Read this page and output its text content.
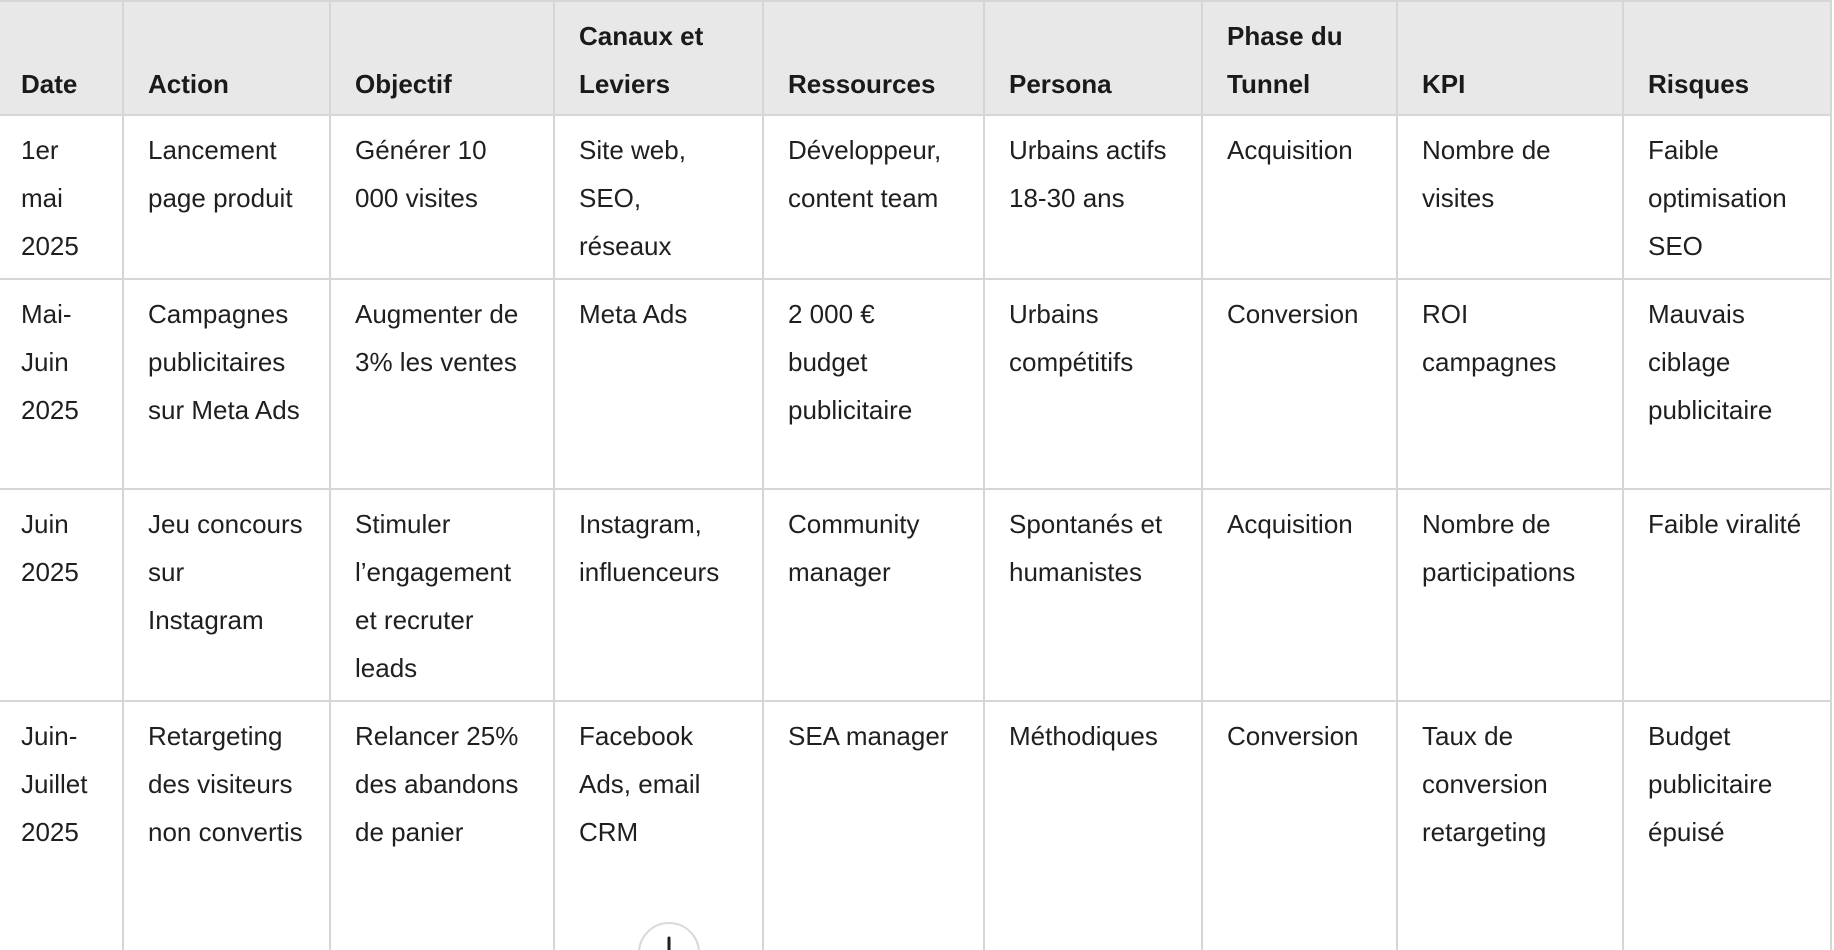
Date	Action	Objectif	Canaux et Leviers	Ressources	Persona	Phase du Tunnel	KPI	Risques
1er mai 2025	Lancement page produit	Générer 10 000 visites	Site web, SEO, réseaux	Développeur, content team	Urbains actifs 18-30 ans	Acquisition	Nombre de visites	Faible optimisation SEO
Mai-Juin 2025	Campagnes publicitaires sur Meta Ads	Augmenter de 3% les ventes	Meta Ads	2 000 € budget publicitaire	Urbains compétitifs	Conversion	ROI campagnes	Mauvais ciblage publicitaire
Juin 2025	Jeu concours sur Instagram	Stimuler l’engagement et recruter leads	Instagram, influenceurs	Community manager	Spontanés et humanistes	Acquisition	Nombre de participations	Faible viralité
Juin-Juillet 2025	Retargeting des visiteurs non convertis	Relancer 25% des abandons de panier	Facebook Ads, email CRM	SEA manager	Méthodiques	Conversion	Taux de conversion retargeting	Budget publicitaire épuisé
